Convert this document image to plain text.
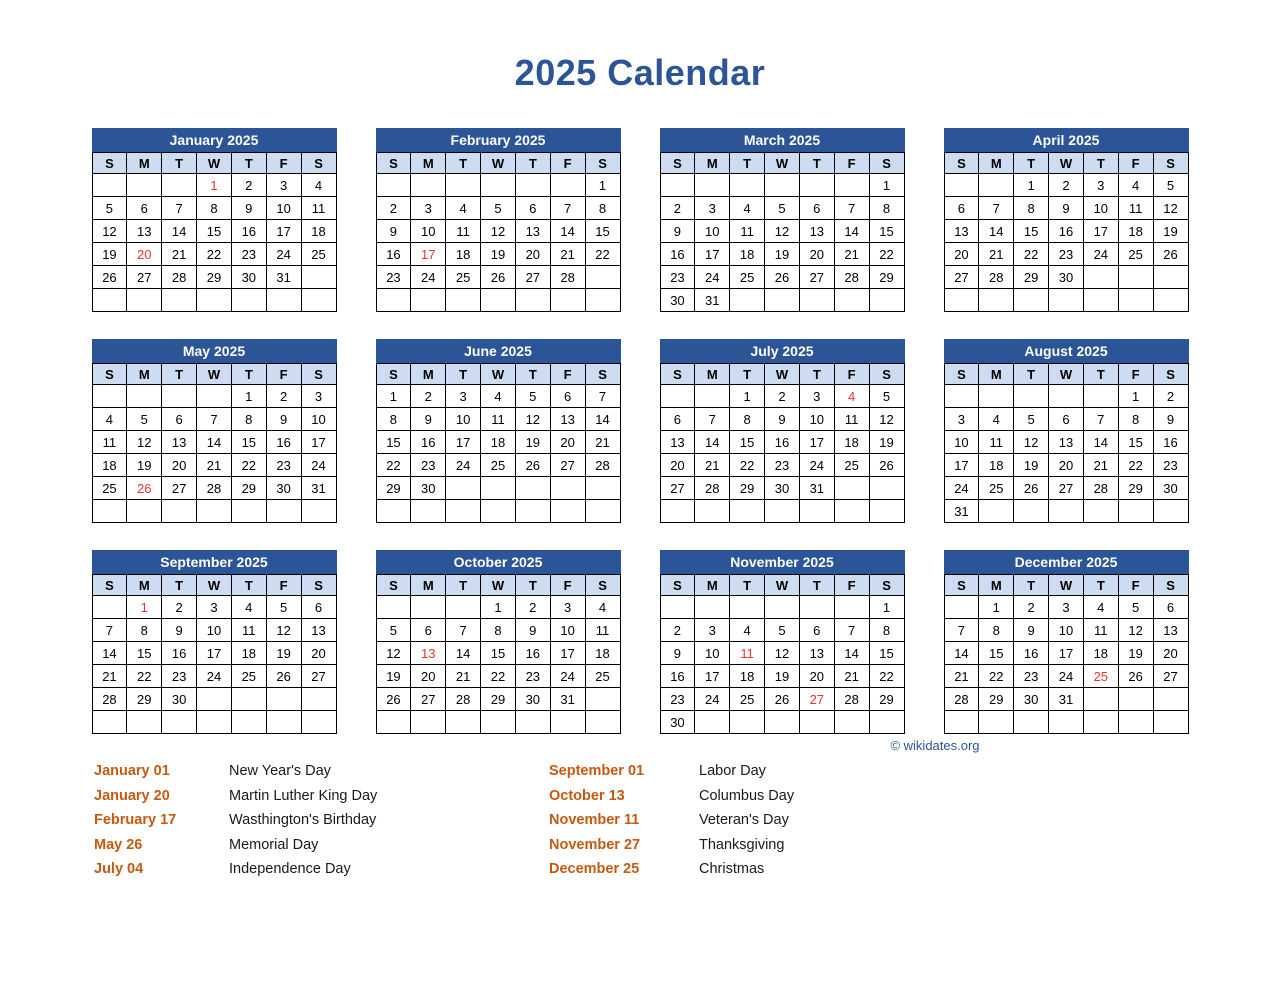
2025 Calendar
January 2025
S	M	T	W	T	F	S
			1	2	3	4
5	6	7	8	9	10	11
12	13	14	15	16	17	18
19	20	21	22	23	24	25
26	27	28	29	30	31	

February 2025
S	M	T	W	T	F	S
						1
2	3	4	5	6	7	8
9	10	11	12	13	14	15
16	17	18	19	20	21	22
23	24	25	26	27	28	

March 2025
S	M	T	W	T	F	S
						1
2	3	4	5	6	7	8
9	10	11	12	13	14	15
16	17	18	19	20	21	22
23	24	25	26	27	28	29
30	31					
April 2025
S	M	T	W	T	F	S
		1	2	3	4	5
6	7	8	9	10	11	12
13	14	15	16	17	18	19
20	21	22	23	24	25	26
27	28	29	30			

May 2025
S	M	T	W	T	F	S
				1	2	3
4	5	6	7	8	9	10
11	12	13	14	15	16	17
18	19	20	21	22	23	24
25	26	27	28	29	30	31

June 2025
S	M	T	W	T	F	S
1	2	3	4	5	6	7
8	9	10	11	12	13	14
15	16	17	18	19	20	21
22	23	24	25	26	27	28
29	30					

July 2025
S	M	T	W	T	F	S
		1	2	3	4	5
6	7	8	9	10	11	12
13	14	15	16	17	18	19
20	21	22	23	24	25	26
27	28	29	30	31		

August 2025
S	M	T	W	T	F	S
					1	2
3	4	5	6	7	8	9
10	11	12	13	14	15	16
17	18	19	20	21	22	23
24	25	26	27	28	29	30
31						
September 2025
S	M	T	W	T	F	S
	1	2	3	4	5	6
7	8	9	10	11	12	13
14	15	16	17	18	19	20
21	22	23	24	25	26	27
28	29	30				

October 2025
S	M	T	W	T	F	S
			1	2	3	4
5	6	7	8	9	10	11
12	13	14	15	16	17	18
19	20	21	22	23	24	25
26	27	28	29	30	31	

November 2025
S	M	T	W	T	F	S
						1
2	3	4	5	6	7	8
9	10	11	12	13	14	15
16	17	18	19	20	21	22
23	24	25	26	27	28	29
30						
December 2025
S	M	T	W	T	F	S
	1	2	3	4	5	6
7	8	9	10	11	12	13
14	15	16	17	18	19	20
21	22	23	24	25	26	27
28	29	30	31			

© wikidates.org
January 01	New Year's Day	September 01	Labor Day
January 20	Martin Luther King Day	October 13	Columbus Day
February 17	Wasthington's Birthday	November 11	Veteran's Day
May 26	Memorial Day	November 27	Thanksgiving
July 04	Independence Day	December 25	Christmas
